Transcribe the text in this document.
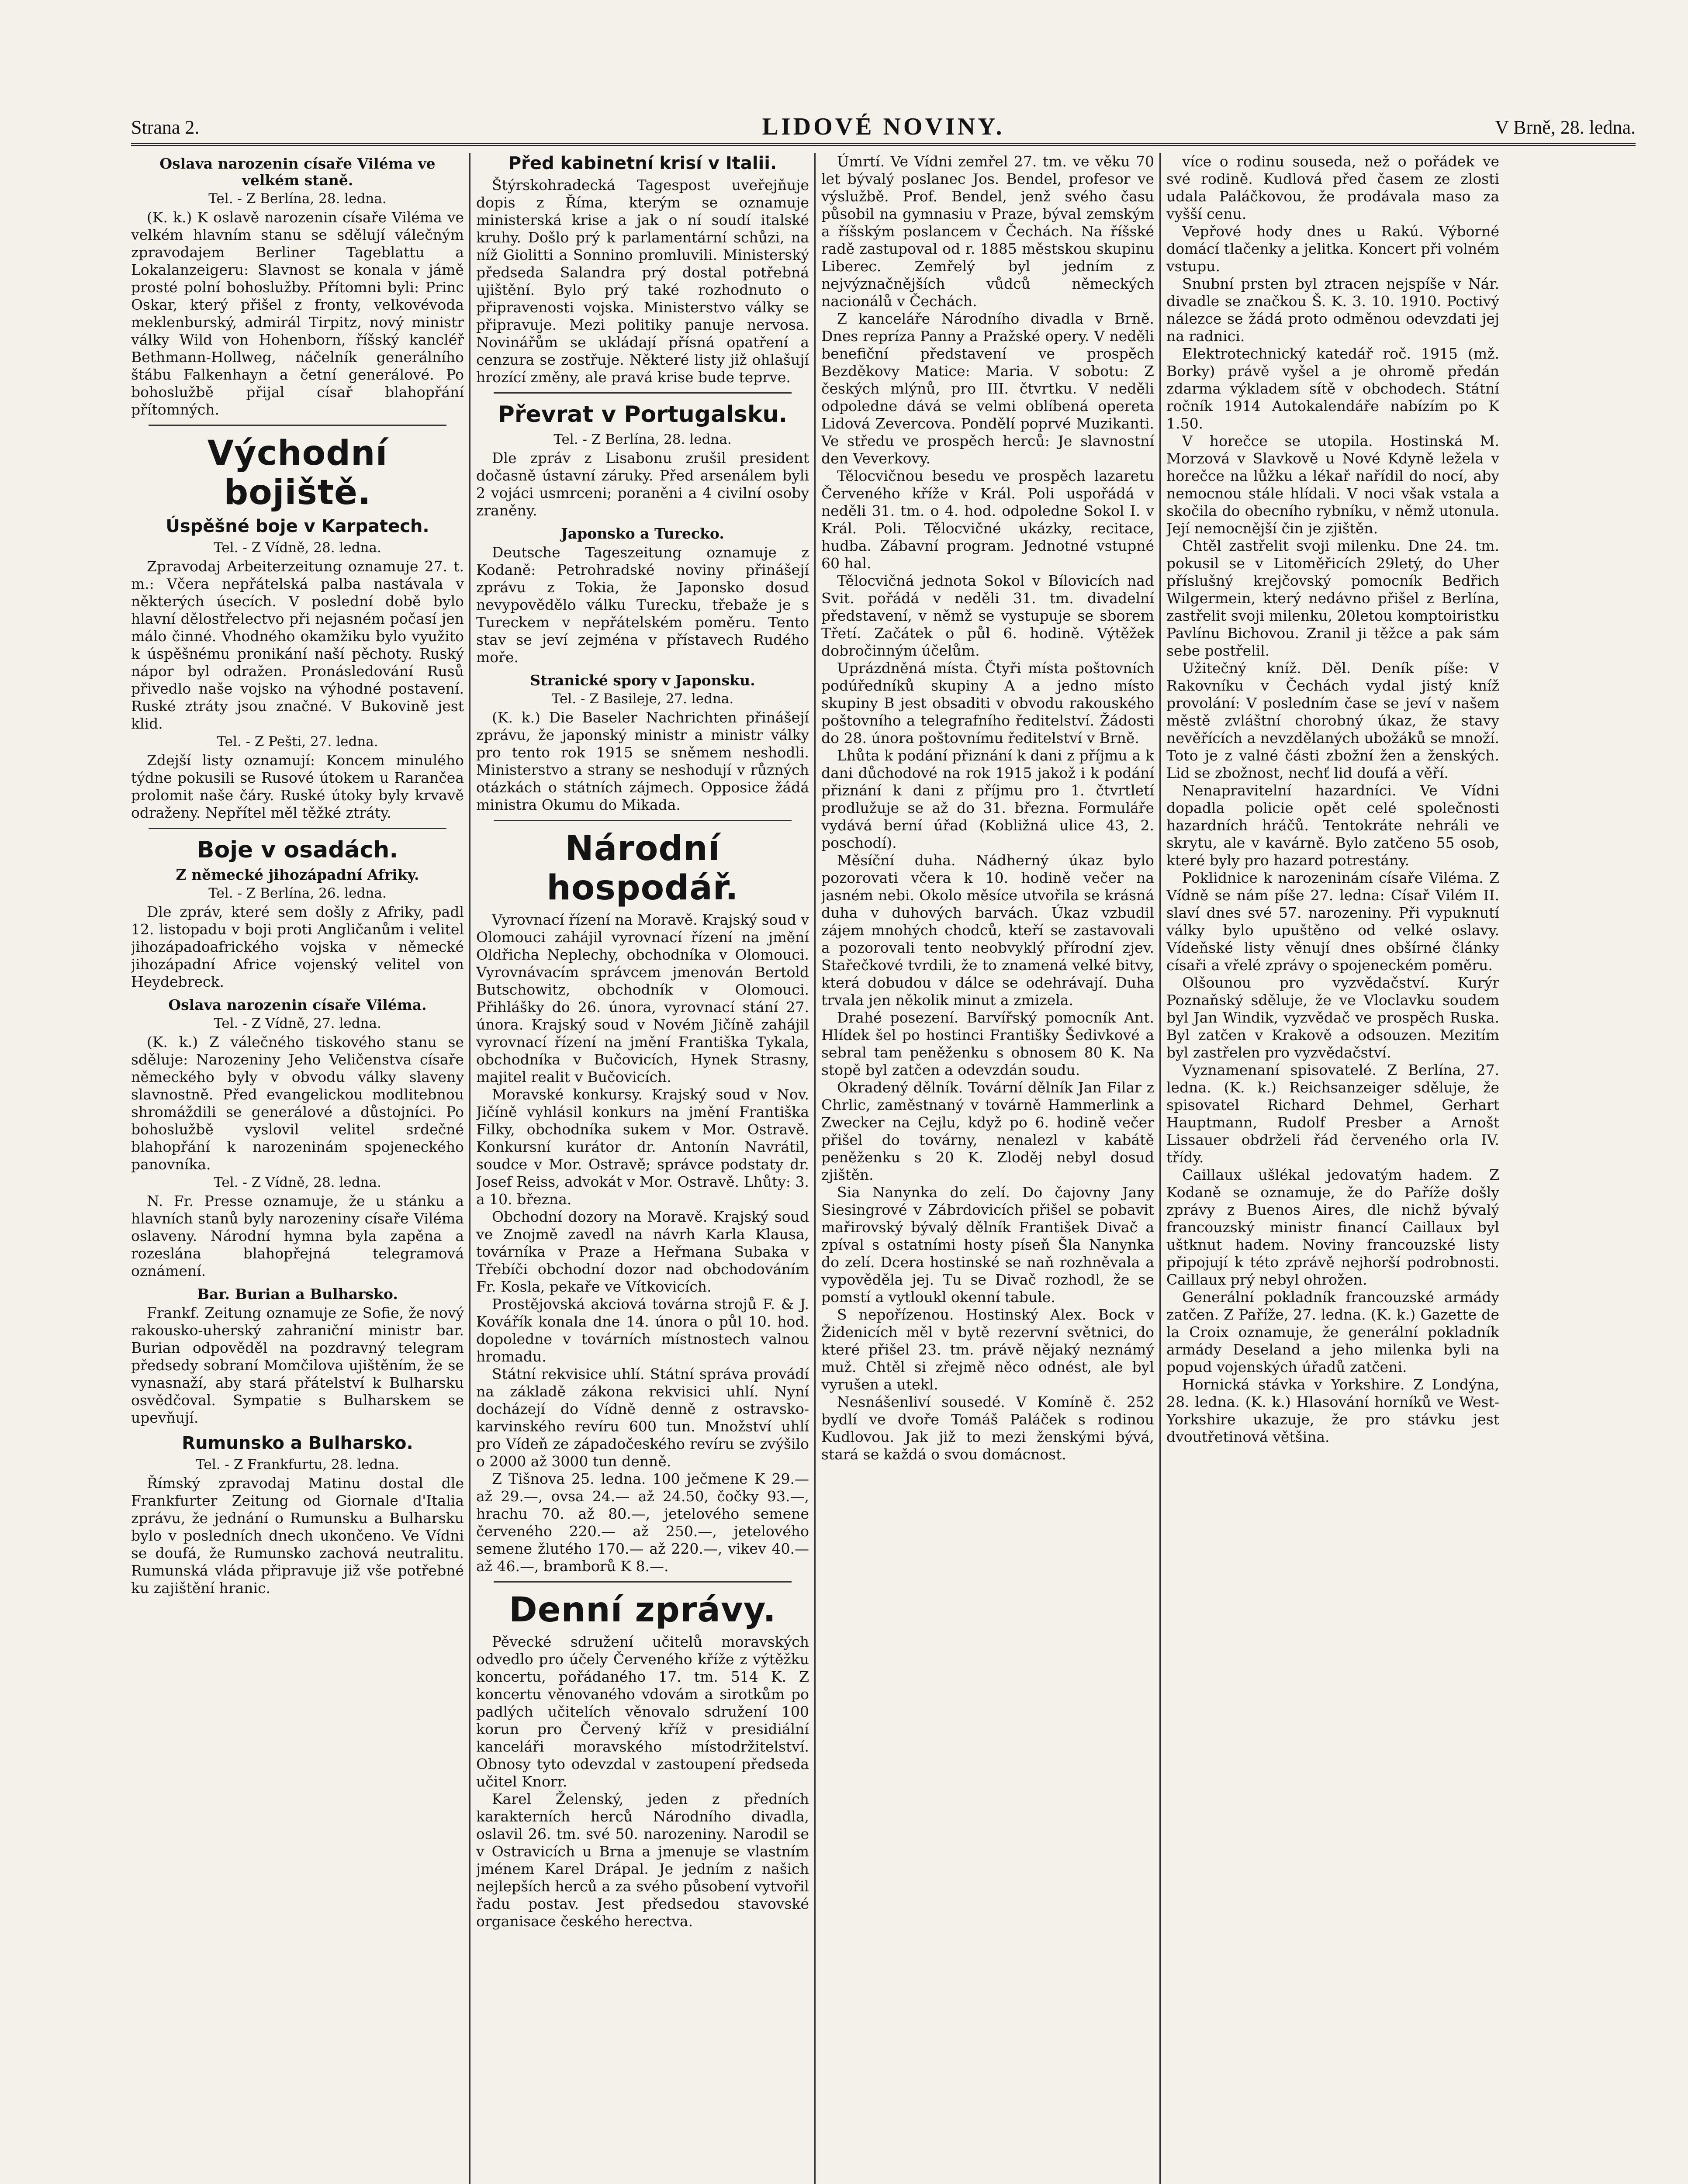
Strana 2.	LIDOVÉ NOVINY.	V Brně, 28. ledna.
Oslava narozenin císaře Viléma ve velkém staně.
Tel. - Z Berlína, 28. ledna.

(K. k.) K oslavě narozenin císaře Viléma ve velkém hlavním stanu se sdělují válečným zpravodajem Berliner Tageblattu a Lokalanzeigeru: Slavnost se konala v jámě prosté polní bohoslužby. Přítomni byli: Princ Oskar, který přišel z fronty, velkovévoda meklenburský, admirál Tirpitz, nový ministr války Wild von Hohenborn, říšský kancléř Bethmann-Hollweg, náčelník generálního štábu Falkenhayn a četní generálové. Po bohoslužbě přijal císař blahopřání přítomných.

Východní bojiště.
Úspěšné boje v Karpatech.
Tel. - Z Vídně, 28. ledna.

Zpravodaj Arbeiterzeitung oznamuje 27. t. m.: Včera nepřátelská palba nastávala v některých úsecích. V poslední době bylo hlavní dělostřelectvo při nejasném počasí jen málo činné. Vhodného okamžiku bylo využito k úspěšnému pronikání naší pěchoty. Ruský nápor byl odražen. Pronásledování Rusů přivedlo naše vojsko na výhodné postavení. Ruské ztráty jsou značné. V Bukovině jest klid.

Tel. - Z Pešti, 27. ledna.

Zdejší listy oznamují: Koncem minulého týdne pokusili se Rusové útokem u Rarančea prolomit naše čáry. Ruské útoky byly krvavě odraženy. Nepřítel měl těžké ztráty.

Boje v osadách.
Z německé jihozápadní Afriky.
Tel. - Z Berlína, 26. ledna.

Dle zpráv, které sem došly z Afriky, padl 12. listopadu v boji proti Angličanům i velitel jihozápadoafrického vojska v německé jihozápadní Africe vojenský velitel von Heydebreck.

Oslava narozenin císaře Viléma.
Tel. - Z Vídně, 27. ledna.

(K. k.) Z válečného tiskového stanu se sděluje: Narozeniny Jeho Veličenstva císaře německého byly v obvodu války slaveny slavnostně. Před evangelickou modlitebnou shromáždili se generálové a důstojníci. Po bohoslužbě vyslovil velitel srdečné blahopřání k narozeninám spojeneckého panovníka.

Tel. - Z Vídně, 28. ledna.

N. Fr. Presse oznamuje, že u stánku a hlavních stanů byly narozeniny císaře Viléma oslaveny. Národní hymna byla zapěna a rozeslána blahopřejná telegramová oznámení.

Bar. Burian a Bulharsko.

Frankf. Zeitung oznamuje ze Sofie, že nový rakousko-uherský zahraniční ministr bar. Burian odpověděl na pozdravný telegram předsedy sobraní Momčilova ujištěním, že se vynasnaží, aby stará přátelství k Bulharsku osvědčoval. Sympatie s Bulharskem se upevňují.

Rumunsko a Bulharsko.
Tel. - Z Frankfurtu, 28. ledna.

Římský zpravodaj Matinu dostal dle Frankfurter Zeitung od Giornale d'Italia zprávu, že jednání o Rumunsku a Bulharsku bylo v posledních dnech ukončeno. Ve Vídni se doufá, že Rumunsko zachová neutralitu. Rumunská vláda připravuje již vše potřebné ku zajištění hranic.

Před kabinetní krisí v Italii.

Štýrskohradecká Tagespost uveřejňuje dopis z Říma, kterým se oznamuje ministerská krise a jak o ní soudí italské kruhy. Došlo prý k parlamentární schůzi, na níž Giolitti a Sonnino promluvili. Ministerský předseda Salandra prý dostal potřebná ujištění. Bylo prý také rozhodnuto o připravenosti vojska. Ministerstvo války se připravuje. Mezi politiky panuje nervosa. Novinářům se ukládají přísná opatření a cenzura se zostřuje. Některé listy již ohlašují hrozící změny, ale pravá krise bude teprve.

Převrat v Portugalsku.
Tel. - Z Berlína, 28. ledna.

Dle zpráv z Lisabonu zrušil president dočasně ústavní záruky. Před arsenálem byli 2 vojáci usmrceni; poraněni a 4 civilní osoby zraněny.

Japonsko a Turecko.

Deutsche Tageszeitung oznamuje z Kodaně: Petrohradské noviny přinášejí zprávu z Tokia, že Japonsko dosud nevypovědělo válku Turecku, třebaže je s Tureckem v nepřátelském poměru. Tento stav se jeví zejména v přístavech Rudého moře.

Stranické spory v Japonsku.
Tel. - Z Basileje, 27. ledna.

(K. k.) Die Baseler Nachrichten přinášejí zprávu, že japonský ministr a ministr války pro tento rok 1915 se sněmem neshodli. Ministerstvo a strany se neshodují v různých otázkách o státních zájmech. Opposice žádá ministra Okumu do Mikada.

Národní hospodář.

Vyrovnací řízení na Moravě. Krajský soud v Olomouci zahájil vyrovnací řízení na jmění Oldřicha Neplechy, obchodníka v Olomouci. Vyrovnávacím správcem jmenován Bertold Butschowitz, obchodník v Olomouci. Přihlášky do 26. února, vyrovnací stání 27. února. Krajský soud v Novém Jičíně zahájil vyrovnací řízení na jmění Františka Tykala, obchodníka v Bučovicích, Hynek Strasny, majitel realit v Bučovicích.

Moravské konkursy. Krajský soud v Nov. Jičíně vyhlásil konkurs na jmění Františka Filky, obchodníka sukem v Mor. Ostravě. Konkursní kurátor dr. Antonín Navrátil, soudce v Mor. Ostravě; správce podstaty dr. Josef Reiss, advokát v Mor. Ostravě. Lhůty: 3. a 10. března.

Obchodní dozory na Moravě. Krajský soud ve Znojmě zavedl na návrh Karla Klausa, továrníka v Praze a Heřmana Subaka v Třebíči obchodní dozor nad obchodováním Fr. Kosla, pekaře ve Vítkovicích.

Prostějovská akciová továrna strojů F. & J. Kovářík konala dne 14. února o půl 10. hod. dopoledne v továrních místnostech valnou hromadu.

Státní rekvisice uhlí. Státní správa provádí na základě zákona rekvisici uhlí. Nyní docházejí do Vídně denně z ostravsko-karvinského revíru 600 tun. Množství uhlí pro Vídeň ze západočeského revíru se zvýšilo o 2000 až 3000 tun denně.

Z Tišnova 25. ledna. 100 ječmene K 29.— až 29.—, ovsa 24.— až 24.50, čočky 93.—, hrachu 70. až 80.—, jetelového semene červeného 220.— až 250.—, jetelového semene žlutého 170.— až 220.—, vikev 40.— až 46.—, bramborů K 8.—.

Denní zprávy.

Pěvecké sdružení učitelů moravských odvedlo pro účely Červeného kříže z výtěžku koncertu, pořádaného 17. tm. 514 K. Z koncertu věnovaného vdovám a sirotkům po padlých učitelích věnovalo sdružení 100 korun pro Červený kříž v presidiální kanceláři moravského místodržitelství. Obnosy tyto odevzdal v zastoupení předseda učitel Knorr.

Karel Želenský, jeden z předních karakterních herců Národního divadla, oslavil 26. tm. své 50. narozeniny. Narodil se v Ostravicích u Brna a jmenuje se vlastním jménem Karel Drápal. Je jedním z našich nejlepších herců a za svého působení vytvořil řadu postav. Jest předsedou stavovské organisace českého herectva.

Úmrtí. Ve Vídni zemřel 27. tm. ve věku 70 let bývalý poslanec Jos. Bendel, profesor ve výslužbě. Prof. Bendel, jenž svého času působil na gymnasiu v Praze, býval zemským a říšským poslancem v Čechách. Na říšské radě zastupoval od r. 1885 městskou skupinu Liberec. Zemřelý byl jedním z nejvýznačnějších vůdců německých nacionálů v Čechách.

Z kanceláře Národního divadla v Brně. Dnes repríza Panny a Pražské opery. V neděli benefiční představení ve prospěch Bezděkovy Matice: Maria. V sobotu: Z českých mlýnů, pro III. čtvrtku. V neděli odpoledne dává se velmi oblíbená opereta Lidová Zevercova. Pondělí poprvé Muzikanti. Ve středu ve prospěch herců: Je slavnostní den Veverkovy.

Tělocvičnou besedu ve prospěch lazaretu Červeného kříže v Král. Poli uspořádá v neděli 31. tm. o 4. hod. odpoledne Sokol I. v Král. Poli. Tělocvičné ukázky, recitace, hudba. Zábavní program. Jednotné vstupné 60 hal.

Tělocvičná jednota Sokol v Bílovicích nad Svit. pořádá v neděli 31. tm. divadelní představení, v němž se vystupuje se sborem Třetí. Začátek o půl 6. hodině. Výtěžek dobročinným účelům.

Uprázdněná místa. Čtyři místa poštovních podúředníků skupiny A a jedno místo skupiny B jest obsaditi v obvodu rakouského poštovního a telegrafního ředitelství. Žádosti do 28. února poštovnímu ředitelství v Brně.

Lhůta k podání přiznání k dani z příjmu a k dani důchodové na rok 1915 jakož i k podání přiznání k dani z příjmu pro 1. čtvrtletí prodlužuje se až do 31. března. Formuláře vydává berní úřad (Kobližná ulice 43, 2. poschodí).

Měsíční duha. Nádherný úkaz bylo pozorovati včera k 10. hodině večer na jasném nebi. Okolo měsíce utvořila se krásná duha v duhových barvách. Úkaz vzbudil zájem mnohých chodců, kteří se zastavovali a pozorovali tento neobvyklý přírodní zjev. Stařečkové tvrdili, že to znamená velké bitvy, která dobudou v dálce se odehrávají. Duha trvala jen několik minut a zmizela.

Drahé posezení. Barvířský pomocník Ant. Hlídek šel po hostinci Františky Šedivkové a sebral tam peněženku s obnosem 80 K. Na stopě byl zatčen a odevzdán soudu.

Okradený dělník. Tovární dělník Jan Filar z Chrlic, zaměstnaný v továrně Hammerlink a Zwecker na Cejlu, když po 6. hodině večer přišel do továrny, nenalezl v kabátě peněženku s 20 K. Zloděj nebyl dosud zjištěn.

Sia Nanynka do zelí. Do čajovny Jany Siesingrové v Zábrdovicích přišel se pobavit mařirovský bývalý dělník František Divač a zpíval s ostatními hosty píseň Šla Nanynka do zelí. Dcera hostinské se naň rozhněvala a vypověděla jej. Tu se Divač rozhodl, že se pomstí a vytloukl okenní tabule.

S nepořízenou. Hostinský Alex. Bock v Židenicích měl v bytě rezervní světnici, do které přišel 23. tm. právě nějaký neznámý muž. Chtěl si zřejmě něco odnést, ale byl vyrušen a utekl.

Nesnášenliví sousedé. V Komíně č. 252 bydlí ve dvoře Tomáš Paláček s rodinou Kudlovou. Jak již to mezi ženskými bývá, stará se každá o svou domácnost.

více o rodinu souseda, než o pořádek ve své rodině. Kudlová před časem ze zlosti udala Paláčkovou, že prodávala maso za vyšší cenu.

Vepřové hody dnes u Rakú. Výborné domácí tlačenky a jelitka. Koncert při volném vstupu.

Snubní prsten byl ztracen nejspíše v Nár. divadle se značkou Š. K. 3. 10. 1910. Poctivý nálezce se žádá proto odměnou odevzdati jej na radnici.

Elektrotechnický katedář roč. 1915 (mž. Borky) právě vyšel a je ohromě předán zdarma výkladem sítě v obchodech. Státní ročník 1914 Autokalendáře nabízím po K 1.50.

V horečce se utopila. Hostinská M. Morzová v Slavkově u Nové Kdyně ležela v horečce na lůžku a lékař nařídil do nocí, aby nemocnou stále hlídali. V noci však vstala a skočila do obecního rybníku, v němž utonula. Její nemocnější čin je zjištěn.

Chtěl zastřelit svoji milenku. Dne 24. tm. pokusil se v Litoměřicích 29letý, do Uher příslušný krejčovský pomocník Bedřich Wilgermein, který nedávno přišel z Berlína, zastřelit svoji milenku, 20letou komptoiristku Pavlínu Bichovou. Zranil ji těžce a pak sám sebe postřelil.

Užitečný kníž. Děl. Deník píše: V Rakovníku v Čechách vydal jistý kníž provolání: V posledním čase se jeví v našem městě zvláštní chorobný úkaz, že stavy nevěřících a nevzdělaných ubožáků se množí. Toto je z valné části zbožní žen a ženských. Lid se zbožnost, nechť lid doufá a věří.

Nenapravitelní hazardníci. Ve Vídni dopadla policie opět celé společnosti hazardních hráčů. Tentokráte nehráli ve skrytu, ale v kavárně. Bylo zatčeno 55 osob, které byly pro hazard potrestány.

Poklidnice k narozeninám císaře Viléma. Z Vídně se nám píše 27. ledna: Císař Vilém II. slaví dnes své 57. narozeniny. Při vypuknutí války bylo upuštěno od velké oslavy. Vídeňské listy věnují dnes obšírné články císaři a vřelé zprávy o spojeneckém poměru.

Olšounou pro vyzvědačství. Kurýr Poznaňský sděluje, že ve Vloclavku soudem byl Jan Windik, vyzvědač ve prospěch Ruska. Byl zatčen v Krakově a odsouzen. Mezitím byl zastřelen pro vyzvědačství.

Vyznamenaní spisovatelé. Z Berlína, 27. ledna. (K. k.) Reichsanzeiger sděluje, že spisovatel Richard Dehmel, Gerhart Hauptmann, Rudolf Presber a Arnošt Lissauer obdrželi řád červeného orla IV. třídy.

Caillaux ušlékal jedovatým hadem. Z Kodaně se oznamuje, že do Paříže došly zprávy z Buenos Aires, dle nichž bývalý francouzský ministr financí Caillaux byl uštknut hadem. Noviny francouzské listy připojují k této zprávě nejhorší podrobnosti. Caillaux prý nebyl ohrožen.

Generální pokladník francouzské armády zatčen. Z Paříže, 27. ledna. (K. k.) Gazette de la Croix oznamuje, že generální pokladník armády Deseland a jeho milenka byli na popud vojenských úřadů zatčeni.

Hornická stávka v Yorkshire. Z Londýna, 28. ledna. (K. k.) Hlasování horníků ve West-Yorkshire ukazuje, že pro stávku jest dvoutřetinová většina.
